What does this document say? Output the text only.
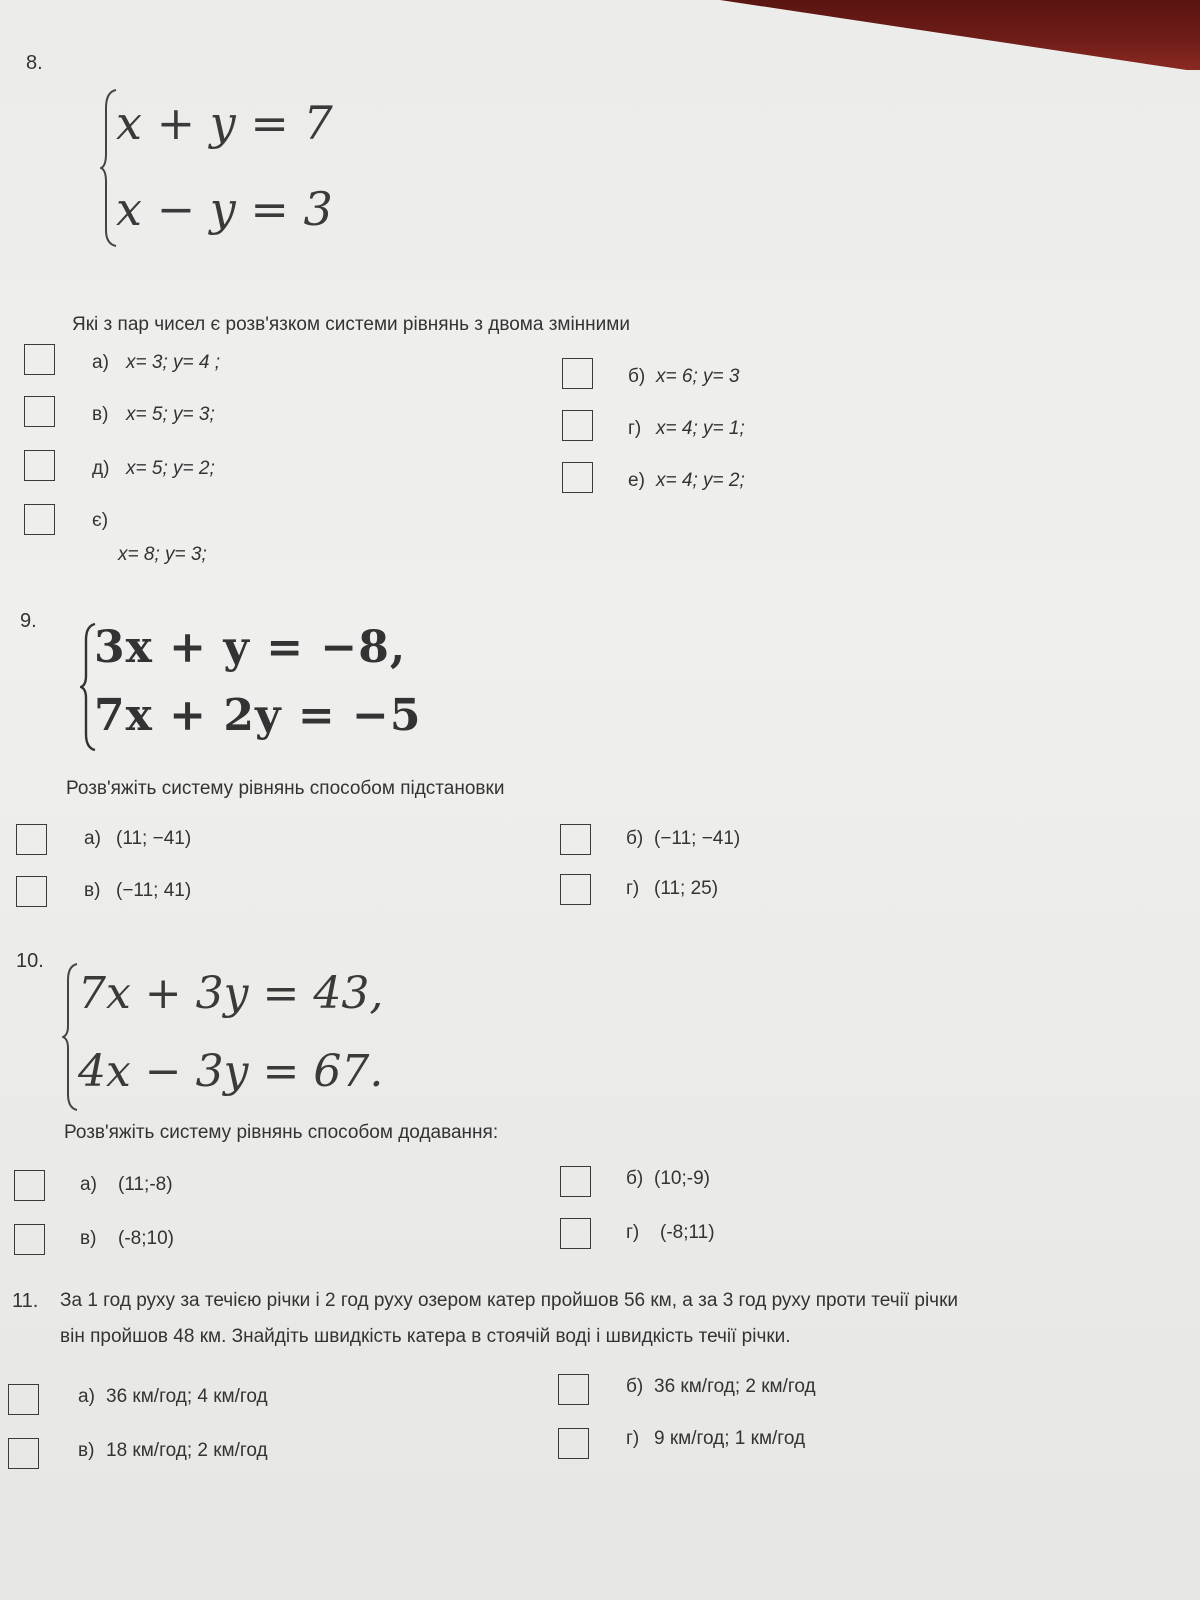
8.
x + y = 7
x − y = 3
Які з пар чисел є розв'язком системи рівнянь з двома змінними
а) x= 3; y= 4 ;
б) x= 6; y= 3
в) x= 5; y= 3;
г) x= 4; y= 1;
д) x= 5; y= 2;
е) x= 4; y= 2;
є)
x= 8; y= 3;
9.
3x + y = −8,
7x + 2y = −5
Розв'яжіть систему рівнянь способом підстановки
а) (11; −41)	б) (−11; −41)
в) (−11; 41)	г) (11; 25)
10.
7x + 3y = 43,
4x − 3y = 67.
Розв'яжіть систему рівнянь способом додавання:
а) (11;-8)	б) (10;-9)
в) (-8;10)	г) (-8;11)
11. За 1 год руху за течією річки і 2 год руху озером катер пройшов 56 км, а за 3 год руху проти течії річки
він пройшов 48 км. Знайдіть швидкість катера в стоячій воді і швидкість течії річки.
а) 36 км/год; 4 км/год	б) 36 км/год; 2 км/год
в) 18 км/год; 2 км/год
г) 9 км/год; 1 км/год
